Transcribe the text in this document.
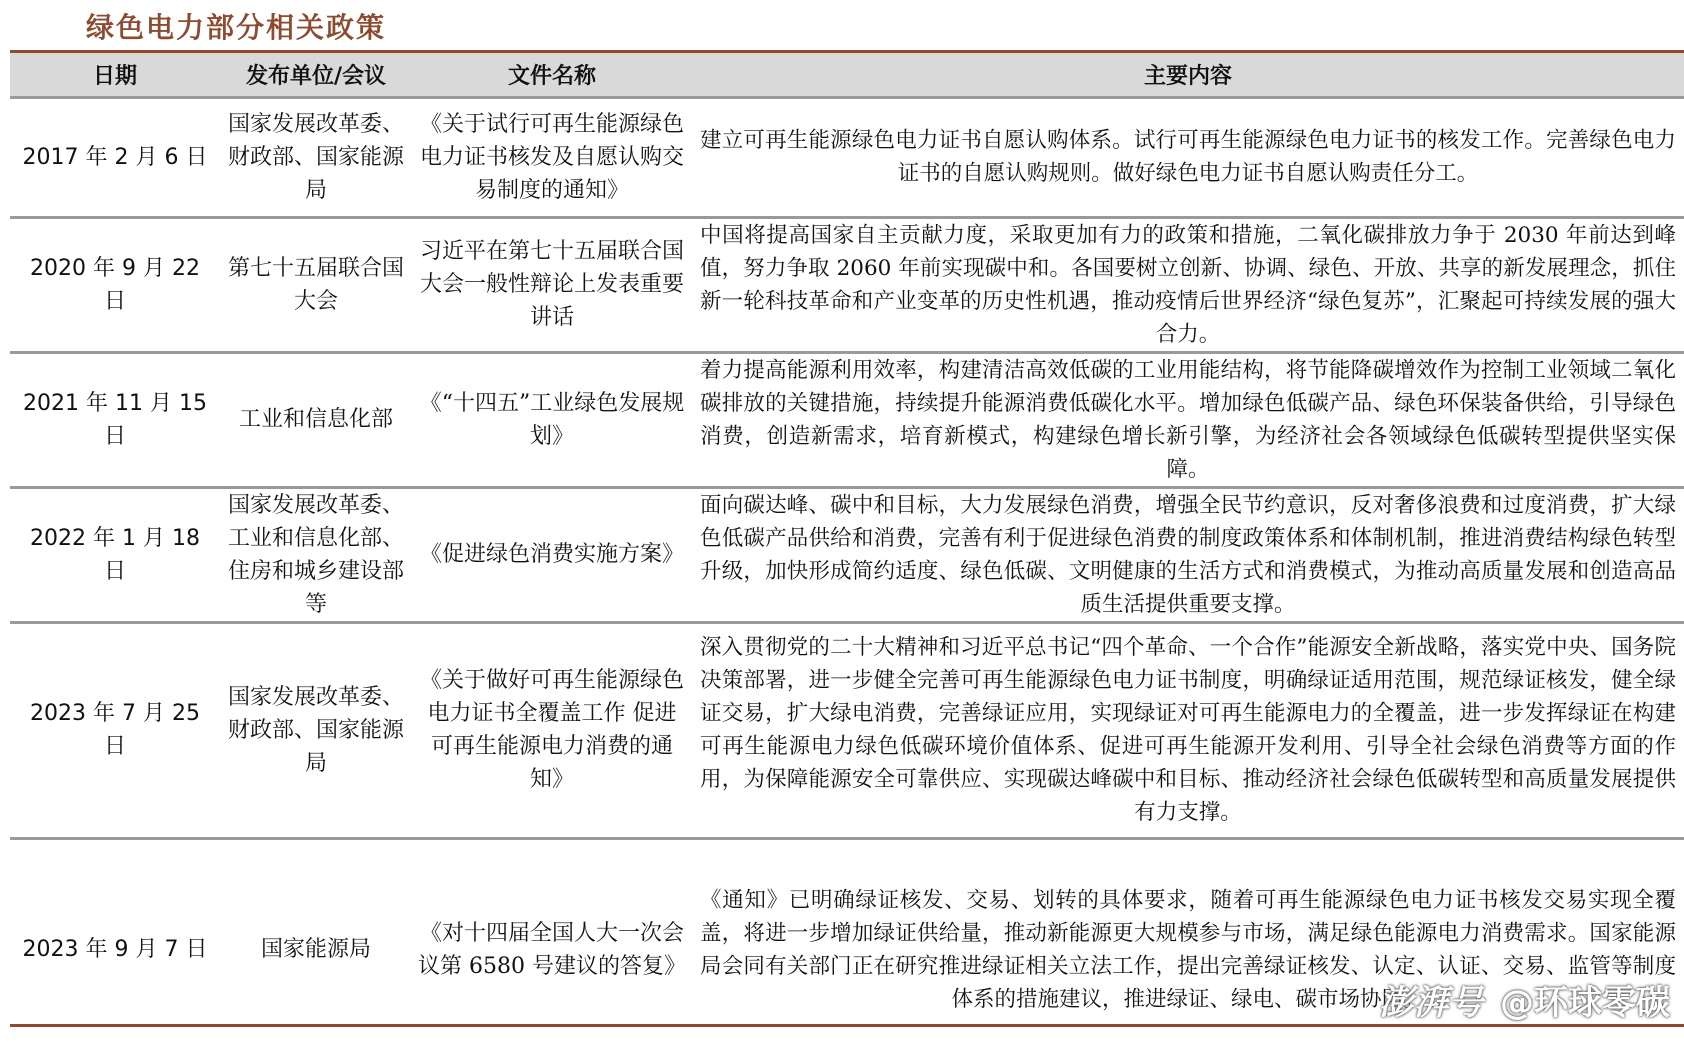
绿色电力部分相关政策
日期	发布单位/会议	文件名称	主要内容
2017 年 2 月 6 日	国家发展改革委、财政部、国家能源局	《关于试行可再生能源绿色电力证书核发及自愿认购交易制度的通知》	建立可再生能源绿色电力证书自愿认购体系。试行可再生能源绿色电力证书的核发工作。完善绿色电力证书的自愿认购规则。做好绿色电力证书自愿认购责任分工。
2020 年 9 月 22 日	第七十五届联合国大会	习近平在第七十五届联合国大会一般性辩论上发表重要讲话	中国将提高国家自主贡献力度，采取更加有力的政策和措施，二氧化碳排放力争于 2030 年前达到峰值，努力争取 2060 年前实现碳中和。各国要树立创新、协调、绿色、开放、共享的新发展理念，抓住新一轮科技革命和产业变革的历史性机遇，推动疫情后世界经济“绿色复苏”，汇聚起可持续发展的强大合力。
2021 年 11 月 15 日	工业和信息化部	《“十四五”工业绿色发展规划》	着力提高能源利用效率，构建清洁高效低碳的工业用能结构，将节能降碳增效作为控制工业领域二氧化碳排放的关键措施，持续提升能源消费低碳化水平。增加绿色低碳产品、绿色环保装备供给，引导绿色消费，创造新需求，培育新模式，构建绿色增长新引擎，为经济社会各领域绿色低碳转型提供坚实保障。
2022 年 1 月 18 日	国家发展改革委、工业和信息化部、住房和城乡建设部等	《促进绿色消费实施方案》	面向碳达峰、碳中和目标，大力发展绿色消费，增强全民节约意识，反对奢侈浪费和过度消费，扩大绿色低碳产品供给和消费，完善有利于促进绿色消费的制度政策体系和体制机制，推进消费结构绿色转型升级，加快形成简约适度、绿色低碳、文明健康的生活方式和消费模式，为推动高质量发展和创造高品质生活提供重要支撑。
2023 年 7 月 25 日	国家发展改革委、财政部、国家能源局	《关于做好可再生能源绿色电力证书全覆盖工作 促进可再生能源电力消费的通知》	深入贯彻党的二十大精神和习近平总书记“四个革命、一个合作”能源安全新战略，落实党中央、国务院决策部署，进一步健全完善可再生能源绿色电力证书制度，明确绿证适用范围，规范绿证核发，健全绿证交易，扩大绿电消费，完善绿证应用，实现绿证对可再生能源电力的全覆盖，进一步发挥绿证在构建可再生能源电力绿色低碳环境价值体系、促进可再生能源开发利用、引导全社会绿色消费等方面的作用，为保障能源安全可靠供应、实现碳达峰碳中和目标、推动经济社会绿色低碳转型和高质量发展提供有力支撑。
2023 年 9 月 7 日	国家能源局	《对十四届全国人大一次会议第 6580 号建议的答复》	《通知》已明确绿证核发、交易、划转的具体要求，随着可再生能源绿色电力证书核发交易实现全覆盖，将进一步增加绿证供给量，推动新能源更大规模参与市场，满足绿色能源电力消费需求。国家能源局会同有关部门正在研究推进绿证相关立法工作，提出完善绿证核发、认定、认证、交易、监管等制度体系的措施建议，推进绿证、绿电、碳市场协同。
澎湃号 @环球零碳
